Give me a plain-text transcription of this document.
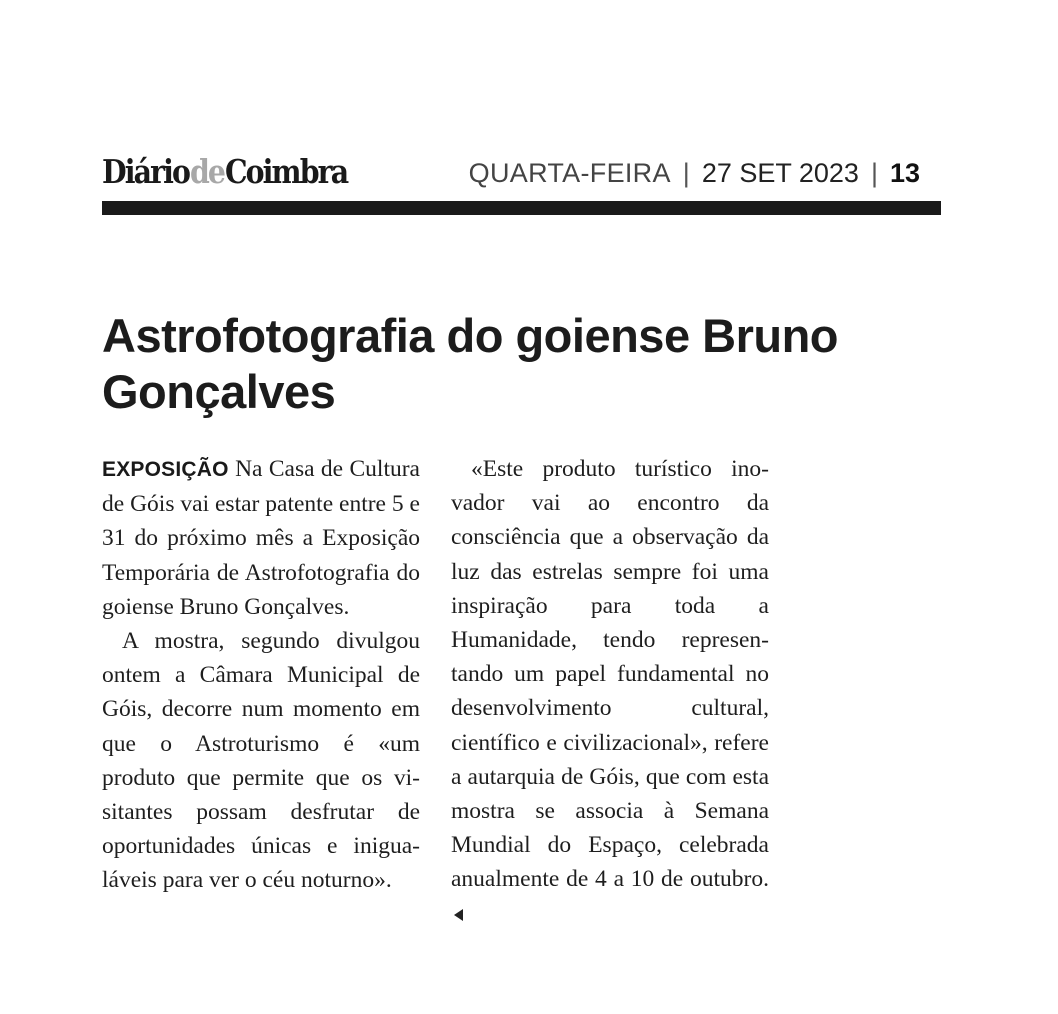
DiáriodeCoimbra	QUARTA-FEIRA | 27 SET 2023 | 13
Astrofotografia do goiense Bruno Gonçalves

EXPOSIÇÃO Na Casa de Cultura de Góis vai estar patente entre 5 e 31 do próximo mês a Exposição Temporária de Astrofotografia do goiense Bruno Gonçalves.

A mostra, segundo divulgou ontem a Câmara Municipal de Góis, decorre num momento em que o Astroturismo é «um produto que permite que os visitantes possam desfrutar de oportunidades únicas e inigualáveis para ver o céu noturno».

«Este produto turístico inovador vai ao encontro da consciência que a observação da luz das estrelas sempre foi uma inspiração para toda a Humanidade, tendo representando um papel fundamental no desenvolvimento cultural, científico e civilizacional», refere a autarquia de Góis, que com esta mostra se associa à Semana Mundial do Espaço, celebrada anualmente de 4 a 10 de outubro.
